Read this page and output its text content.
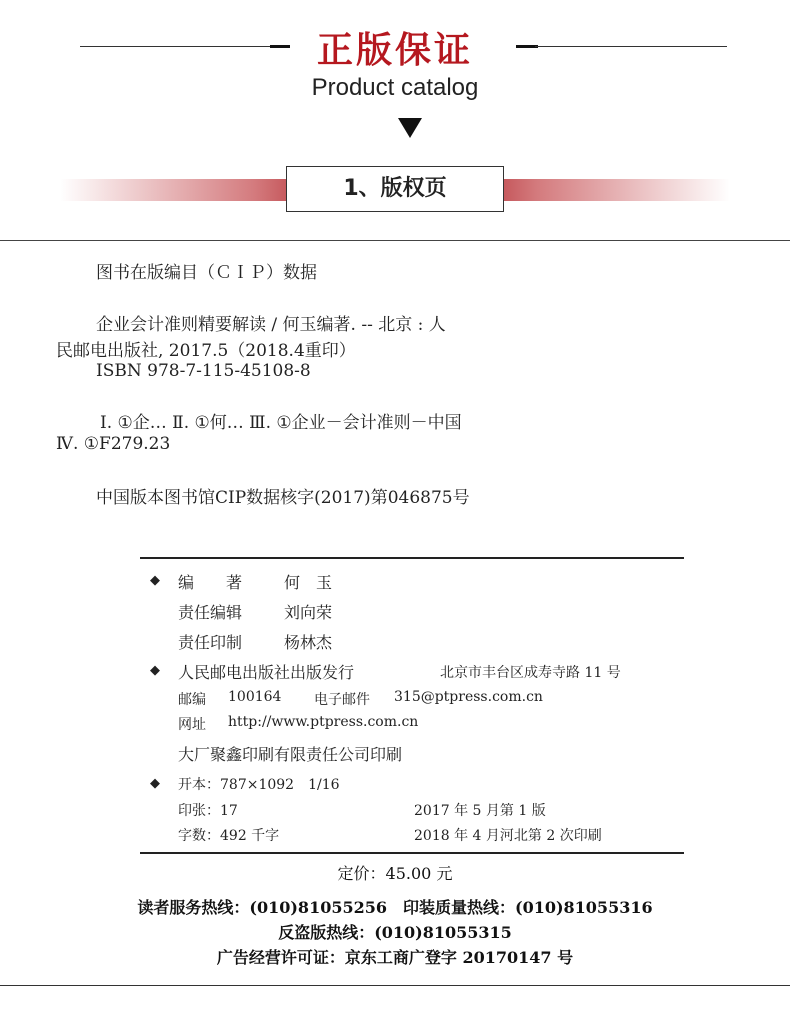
正版保证
Product catalog
1、版权页
图书在版编目（ＣＩＰ）数据
企业会计准则精要解读 / 何玉编著. -- 北京 : 人
民邮电出版社, 2017.5（2018.4重印）
ISBN 978-7-115-45108-8
Ⅰ. ①企… Ⅱ. ①何… Ⅲ. ①企业－会计准则－中国
Ⅳ. ①F279.23
中国版本图书馆CIP数据核字(2017)第046875号
◆ 编　　著	何　玉
责任编辑	刘向荣
责任印制	杨林杰
◆ 人民邮电出版社出版发行	北京市丰台区成寿寺路 11 号
邮编 100164 电子邮件 315@ptpress.com.cn
网址 http://www.ptpress.com.cn
大厂聚鑫印刷有限责任公司印刷
◆ 开本：787×1092　1/16
印张：17	2017 年 5 月第 1 版
字数：492 千字	2018 年 4 月河北第 2 次印刷
定价：45.00 元
读者服务热线：(010)81055256　印装质量热线：(010)81055316
反盗版热线：(010)81055315
广告经营许可证：京东工商广登字 20170147 号
